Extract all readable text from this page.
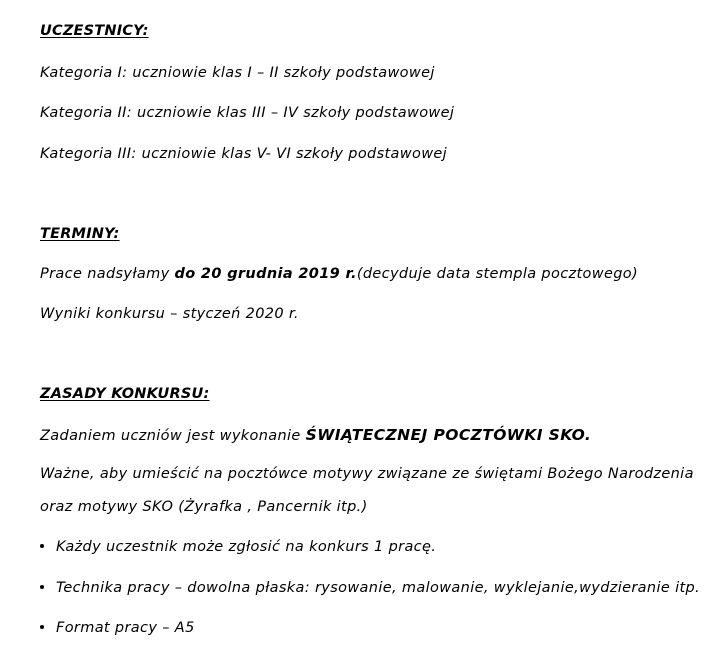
UCZESTNICY:
Kategoria I: uczniowie klas I – II szkoły podstawowej
Kategoria II: uczniowie klas III – IV szkoły podstawowej
Kategoria III: uczniowie klas V- VI szkoły podstawowej
TERMINY:
Prace nadsyłamy do 20 grudnia 2019 r.(decyduje data stempla pocztowego)
Wyniki konkursu – styczeń 2020 r.
ZASADY KONKURSU:
Zadaniem uczniów jest wykonanie ŚWIĄTECZNEJ POCZTÓWKI SKO.
Ważne, aby umieścić na pocztówce motywy związane ze świętami Bożego Narodzenia
oraz motywy SKO (Żyrafka , Pancernik itp.)
Każdy uczestnik może zgłosić na konkurs 1 pracę.
Technika pracy – dowolna płaska: rysowanie, malowanie, wyklejanie,wydzieranie itp.
Format pracy – A5
